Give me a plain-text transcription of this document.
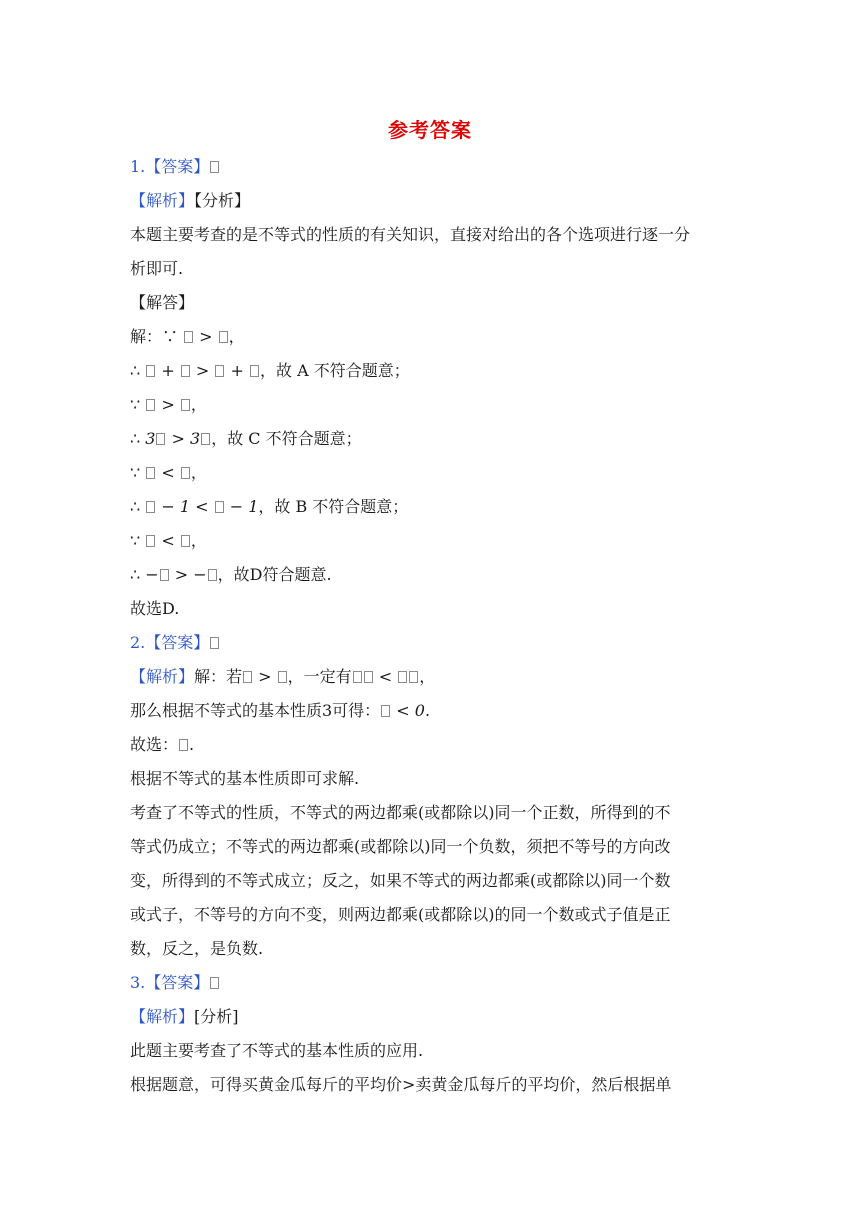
参考答案
1.【答案】
【解析】【分析】
本题主要考查的是不等式的性质的有关知识，直接对给出的各个选项进行逐一分
析即可.
【解答】
解：∵  > ，
∴  +  >  + ，故 A 不符合题意；
∵  > ，
∴ 3 > 3 ，故 C 不符合题意；
∵  < ，
∴  − 1 <  − 1，故 B 不符合题意；
∵  < ，
∴ − > − ，故D符合题意.
故选D.
2.【答案】
【解析】解：若 > ，一定有 < ，
那么根据不等式的基本性质3可得： < 0.
故选： .
根据不等式的基本性质即可求解.
考查了不等式的性质，不等式的两边都乘(或都除以)同一个正数，所得到的不
等式仍成立；不等式的两边都乘(或都除以)同一个负数，须把不等号的方向改
变，所得到的不等式成立；反之，如果不等式的两边都乘(或都除以)同一个数
或式子，不等号的方向不变，则两边都乘(或都除以)的同一个数或式子值是正
数，反之，是负数.
3.【答案】
【解析】[分析]
此题主要考查了不等式的基本性质的应用.
根据题意，可得买黄金瓜每斤的平均价>卖黄金瓜每斤的平均价，然后根据单
